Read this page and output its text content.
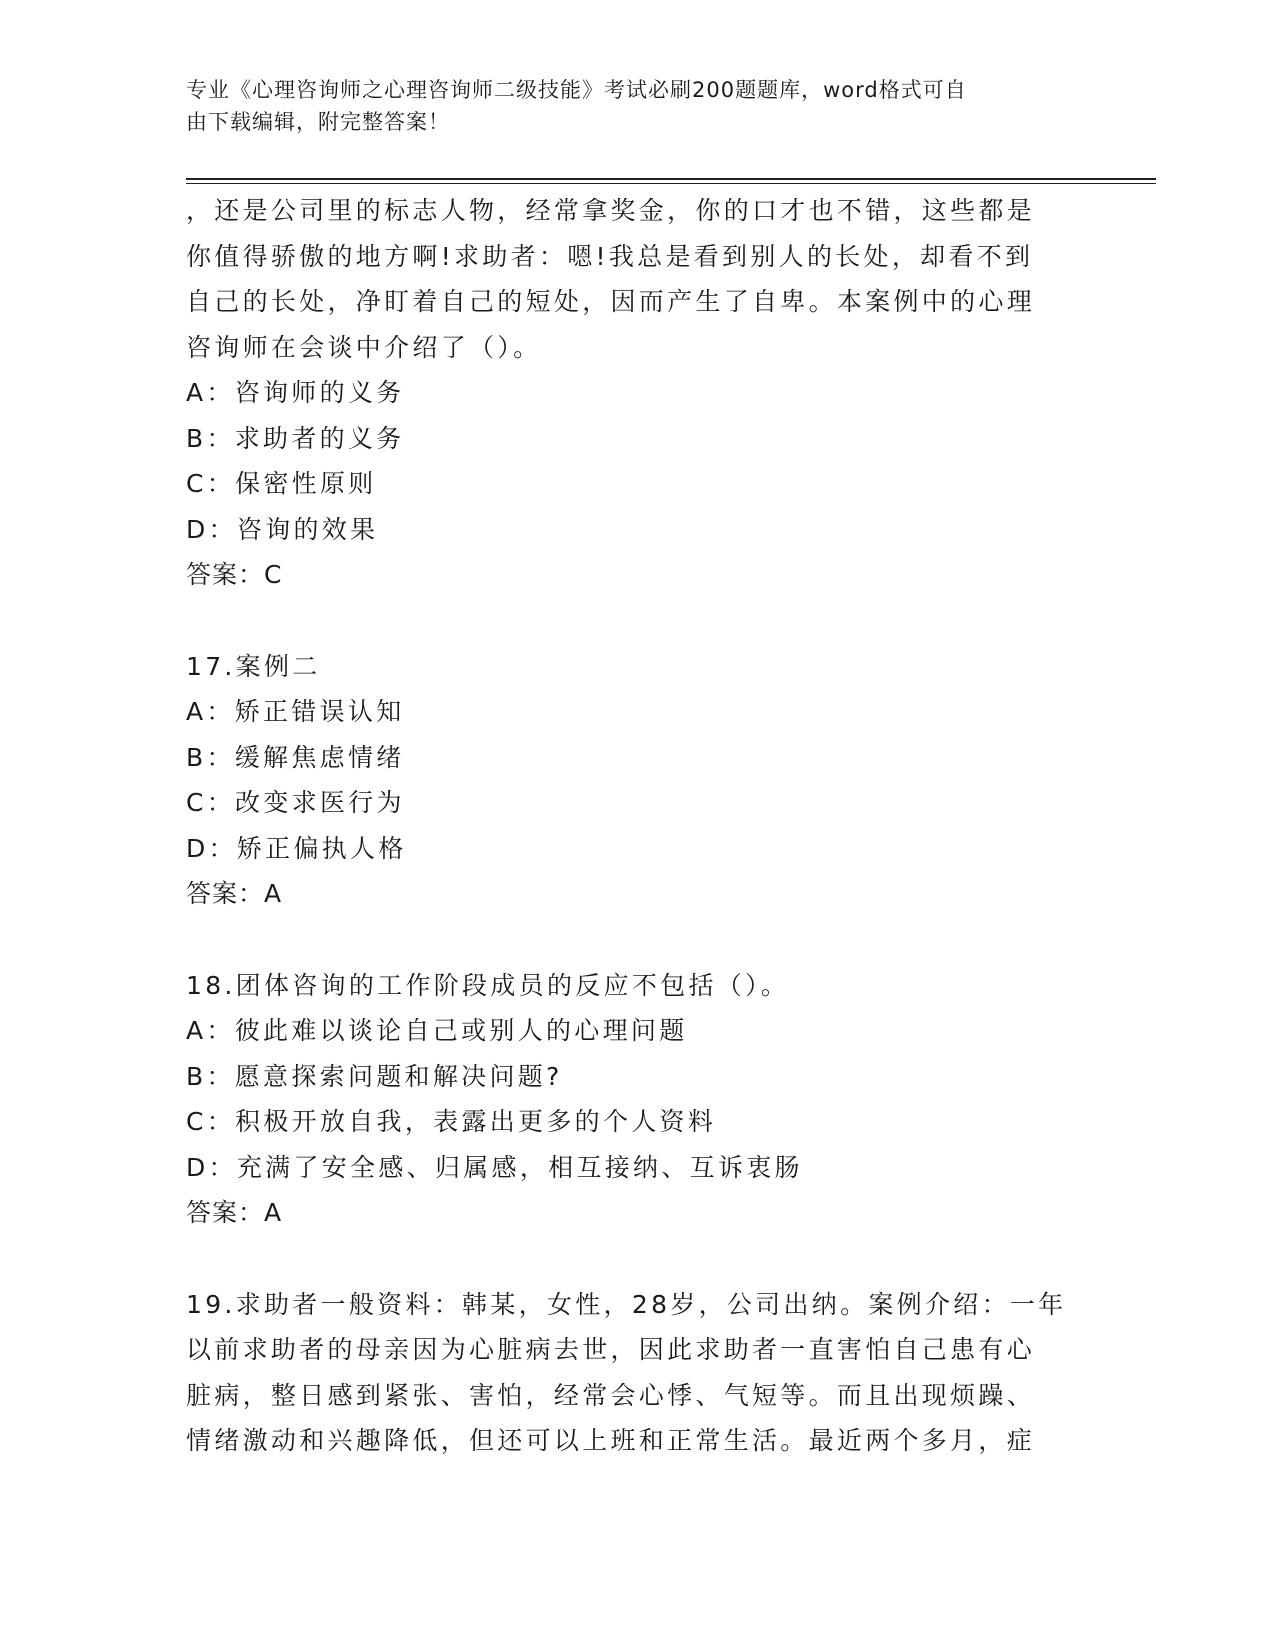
专业《心理咨询师之心理咨询师二级技能》考试必刷200题题库，word格式可自
由下载编辑，附完整答案！
，还是公司里的标志人物，经常拿奖金，你的口才也不错，这些都是
你值得骄傲的地方啊!求助者：嗯!我总是看到别人的长处，却看不到
自己的长处，净盯着自己的短处，因而产生了自卑。本案例中的心理
咨询师在会谈中介绍了（）。
A：咨询师的义务
B：求助者的义务
C：保密性原则
D：咨询的效果
答案：C
17.案例二
A：矫正错误认知
B：缓解焦虑情绪
C：改变求医行为
D：矫正偏执人格
答案：A
18.团体咨询的工作阶段成员的反应不包括（）。
A：彼此难以谈论自己或别人的心理问题
B：愿意探索问题和解决问题?
C：积极开放自我，表露出更多的个人资料
D：充满了安全感、归属感，相互接纳、互诉衷肠
答案：A
19.求助者一般资料：韩某，女性，28岁，公司出纳。案例介绍：一年
以前求助者的母亲因为心脏病去世，因此求助者一直害怕自己患有心
脏病，整日感到紧张、害怕，经常会心悸、气短等。而且出现烦躁、
情绪激动和兴趣降低，但还可以上班和正常生活。最近两个多月，症
